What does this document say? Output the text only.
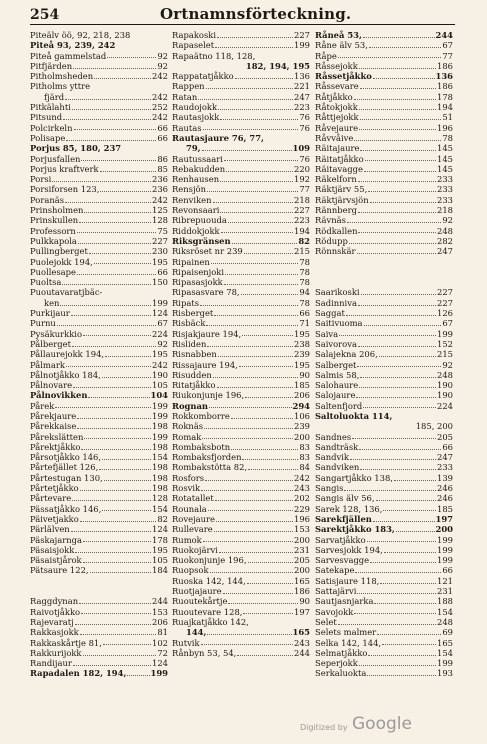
254	Ortnamnsförteckning.
Piteälv öö, 92, 218, 238
Piteå 93, 239, 242
Piteå gammelstad	92
Pitfjärden	92
Pitholmsheden	242
Pitholms yttre
fjärd	242
Pitkälahti	252
Pitsund	242
Polcirkeln	66
Polisape	66
Porjus 85, 180, 237
Porjusfallen	86
Porjus kraftverk	85
Porsi	236
Porsiforsen 123,	236
Poranäs	242
Prinsholmen	125
Prinskullen	128
Professorn	75
Pulkkapola	227
Pullingberget	230
Puolejokk 194,	195
Puollesape	66
Puoltsa	150
Puoutavaratjbäc-
ken	199
Purkijaur	124
Purnu	67
Pysäkurkkio	224
Pålberget	92
Pållaurejokk 194,	195
Pålmark	242
Pålnotjåkko 184,	190
Pålnovare	105
Pålnovikken	104
Pårek	199
Pårekjaure	199
Pårekkaise	198
Pårekslätten	199
Pårektjåkko	198
Pårsotjåkko 146,	154
Pårtefjället 126,	198
Pårtestugan 130,	198
Pårtetjåkko	198
Pårtevare	128
Pässatjåkko 146,	154
Päivetjakko	82
Pärlälven	124
Päskajarnga	178
Päsaisjokk	195
Päsaistjårok	105
Pätsaure 122,	184
Raggdynan	244
Raivotjåkko	153
Rajevaratj	206
Rakkasjokk	81
Rakkaskårtje 81,	102
Rakkurijokk	72
Randijaur	124
Rapadalen 182, 194,	199
Rapakoski	227
Rapaselet	199
Rapaätno 118, 128,
182, 194, 195
Rappatatjåkko	136
Rappen	221
Ratan	247
Raudojokk	223
Rautasjokk	76
Rautas	76
Rautasjaure 76, 77,
79,	109
Rautussaari	76
Rebakudden	220
Renhausen	192
Rensjön	77
Renviken	218
Revonsaari	227
Ribrepuouda	223
Riddokjokk	194
Riksgränsen	82
Riksröset nr 239	215
Ripainen	78
Ripaisenjoki	78
Ripasasjokk	78
Ripasasvare 78,	94
Ripats	78
Risberget	66
Risbäck	71
Risjakjaure 194,	195
Risliden	238
Risnabben	239
Rissajaure 194,	195
Risudden	90
Ritatjåkko	185
Riukonjunje 196,	206
Rognan	294
Rokkomborre	106
Roknäs	239
Romak	200
Rombaksbotn	83
Rombaksfjorden	83
Rombakstötta 82,	84
Rosfors	242
Rosvik	243
Rotatallet	202
Rounala	229
Rovejaure	196
Rullevare	153
Rumok	200
Ruokojärvi	231
Ruokonjunje 196,	205
Ruopsok	200
Ruoska 142, 144,	165
Ruotjajaure	186
Ruoutekårtje	90
Ruoutevare 128,	197
Ruajkatjåkko 142,
144,	165
Rutvik	243
Rånbyn 53, 54,	244
Råneå 53,	244
Råne älv 53,	67
Råpe	77
Råssejokk	186
Råssetjåkko	136
Råssevare	186
Råtjåkko	178
Råtokjokk	194
Råttjejokk	51
Råvejaure	196
Råvvåive	78
Räitajaure	145
Räitatjåkko	145
Räitavagge	145
Räkelforn	233
Räktjärv 55,	233
Räktjärvsjön	233
Rännberg	218
Rävnäs	92
Rödkallen	248
Rödupp	282
Rönnskär	247
Saarikoski	227
Sadinniva	227
Saggat	126
Saitivuoma	67
Saiva	199
Saivorova	152
Salajekna 206,	215
Salberget	92
Salmis 58,	248
Salohaure	190
Salojaure	190
Saltenfjord	224
Saltoluokta 114,
185, 200
Sandnes	205
Sandträsk	66
Sandvik	247
Sandviken	233
Sangartjåkko 138,	139
Sangis	246
Sangis älv 56,	246
Sarek 128, 136,	185
Sarekfjällen	197
Sarektjåkko 183,	200
Sarvatjåkko	199
Sarvesjokk 194,	199
Sarvesvagge	199
Satekape	66
Satisjaure 118,	121
Sattajärvi	231
Sautjasnjarka	188
Savojokk	154
Selet	248
Selets malmer	69
Selka 142, 144,	165
Selmatjåkko	154
Seperjokk	199
Serkaluokta	193
Digitized by Google
